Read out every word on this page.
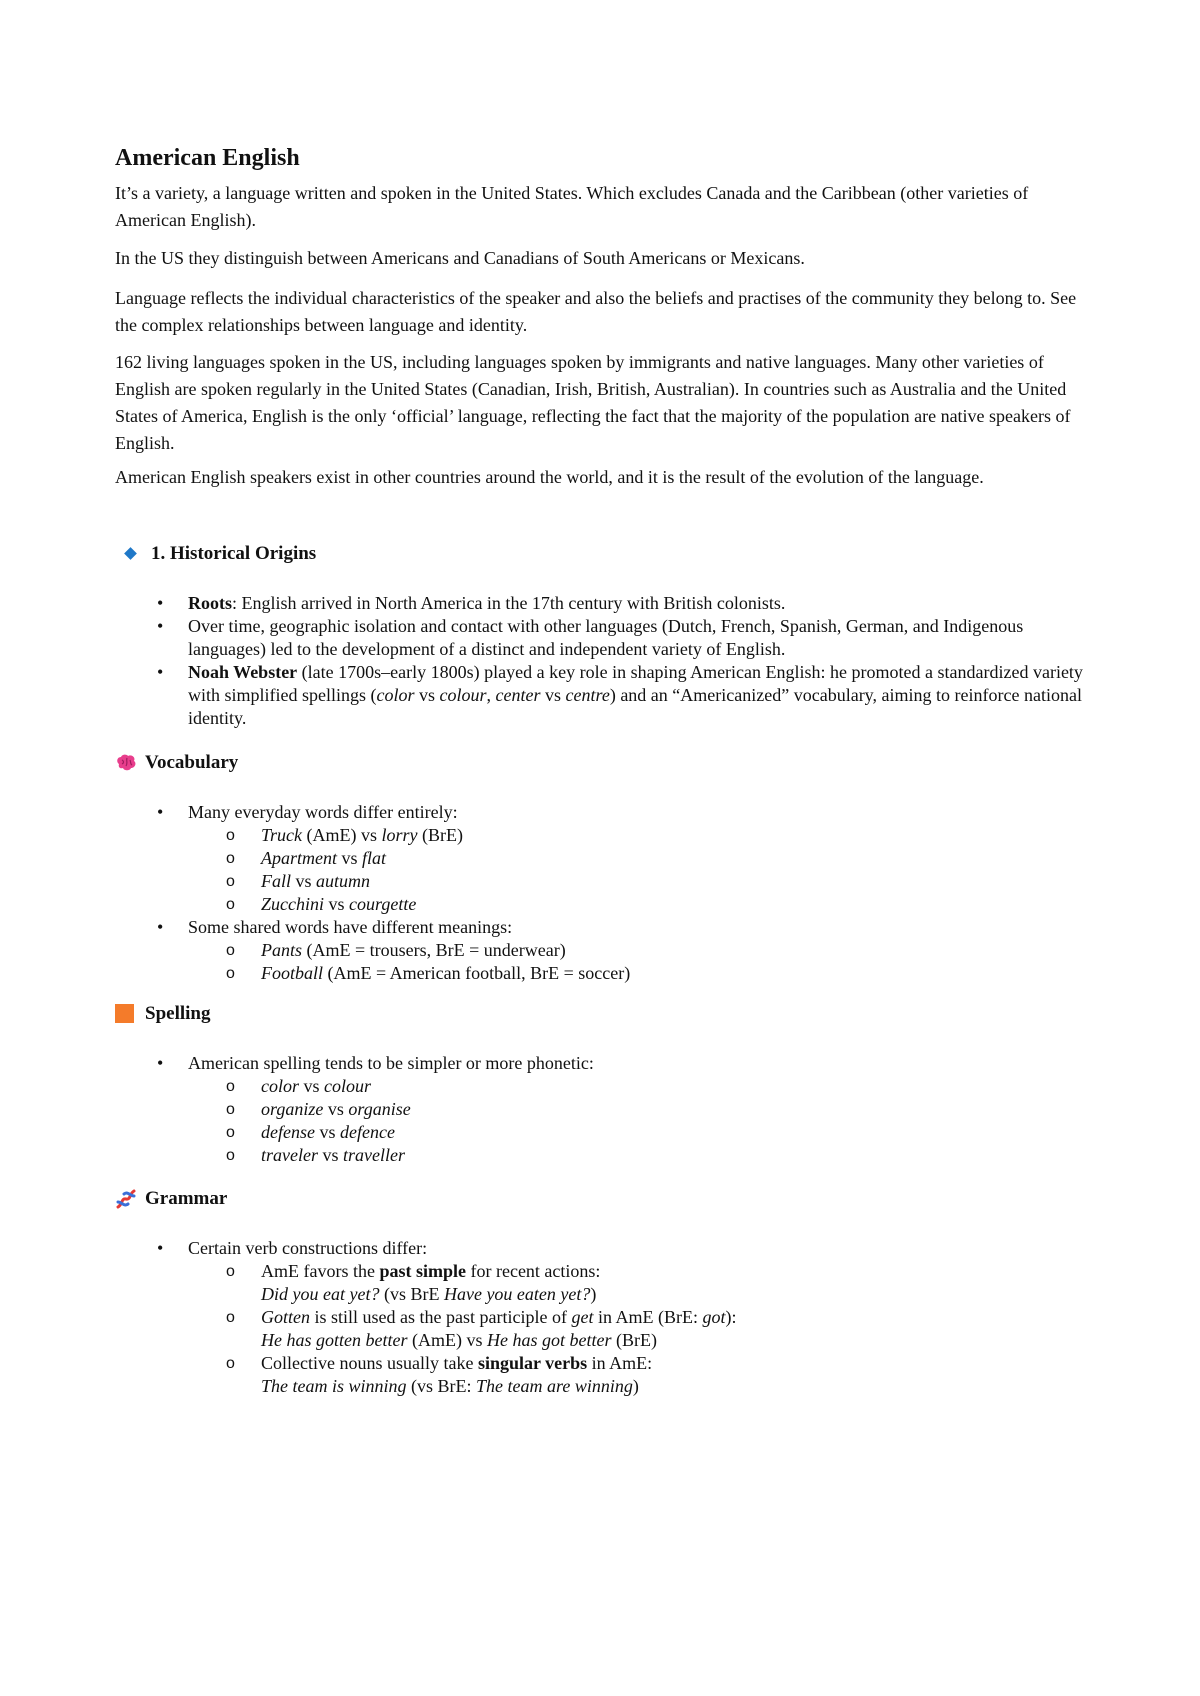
American English

It’s a variety, a language written and spoken in the United States. Which excludes Canada and the Caribbean (other varieties of American English).

In the US they distinguish between Americans and Canadians of South Americans or Mexicans.

Language reflects the individual characteristics of the speaker and also the beliefs and practises of the community they belong to. See the complex relationships between language and identity.

162 living languages spoken in the US, including languages spoken by immigrants and native languages. Many other varieties of English are spoken regularly in the United States (Canadian, Irish, British, Australian). In countries such as Australia and the United States of America, English is the only ‘official’ language, reflecting the fact that the majority of the population are native speakers of English.

American English speakers exist in other countries around the world, and it is the result of the evolution of the language.

1. Historical Origins
• Roots: English arrived in North America in the 17th century with British colonists.
• Over time, geographic isolation and contact with other languages (Dutch, French, Spanish, German, and Indigenous languages) led to the development of a distinct and independent variety of English.
• Noah Webster (late 1700s–early 1800s) played a key role in shaping American English: he promoted a standardized variety with simplified spellings (color vs colour, center vs centre) and an “Americanized” vocabulary, aiming to reinforce national identity.
Vocabulary
• Many everyday words differ entirely:
o Truck (AmE) vs lorry (BrE)
o Apartment vs flat
o Fall vs autumn
o Zucchini vs courgette
• Some shared words have different meanings:
o Pants (AmE = trousers, BrE = underwear)
o Football (AmE = American football, BrE = soccer)
Spelling
• American spelling tends to be simpler or more phonetic:
o color vs colour
o organize vs organise
o defense vs defence
o traveler vs traveller
Grammar
• Certain verb constructions differ:
o AmE favors the past simple for recent actions:
Did you eat yet? (vs BrE Have you eaten yet?)
o Gotten is still used as the past participle of get in AmE (BrE: got):
He has gotten better (AmE) vs He has got better (BrE)
o Collective nouns usually take singular verbs in AmE:
The team is winning (vs BrE: The team are winning)
